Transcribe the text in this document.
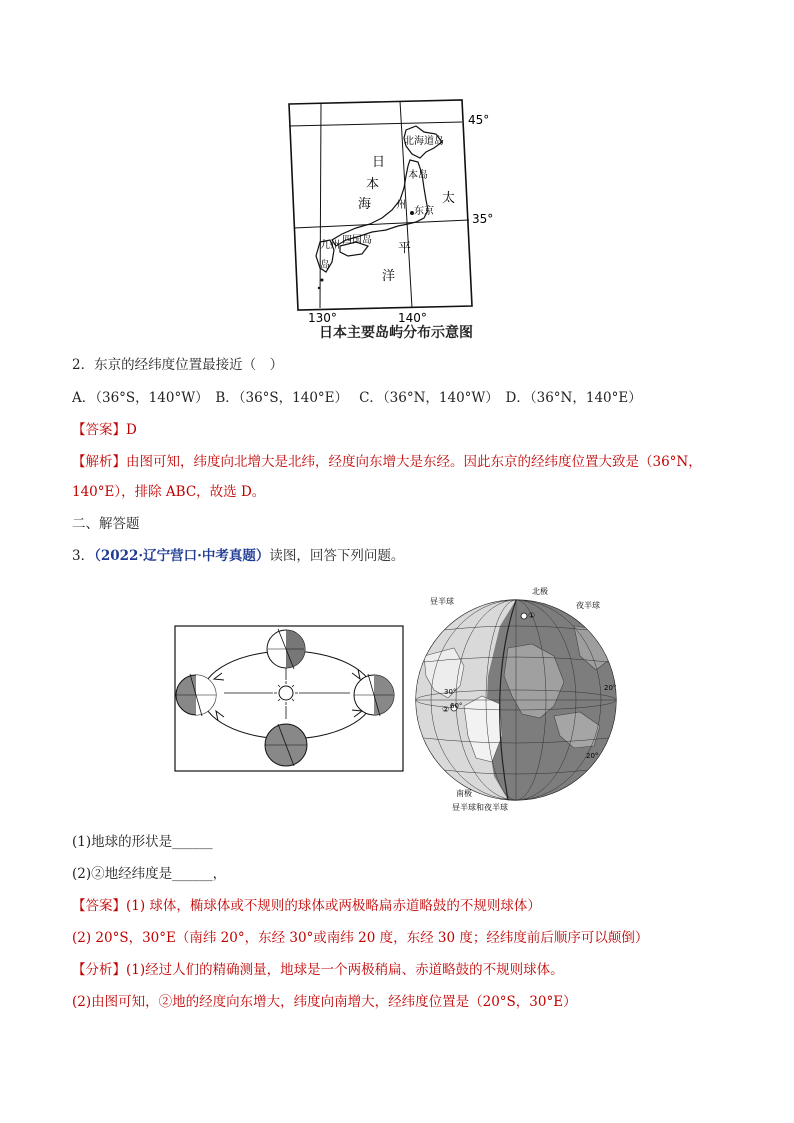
45°
35°
130°	140°
北海道岛
东京
四国岛
本岛
州
九州
岛
日
本
海	太
平
洋
日本主要岛屿分布示意图
2．东京的经纬度位置最接近（　）
A．（36°S，140°W）　B．（36°S，140°E）　 C．（36°N，140°W）　D．（36°N，140°E）
【答案】D
【解析】由图可知，纬度向北增大是北纬，经度向东增大是东经。因此东京的经纬度位置大致是（36°N，
140°E），排除 ABC，故选 D。
二、解答题
3．（2022·辽宁营口·中考真题）读图，回答下列问题。
昼半球
北极
夜半球
①
②
30°
60°
20°
20°
南极
昼半球和夜半球
(1)地球的形状是______
(2)②地经纬度是______，
【答案】(1) 球体，椭球体或不规则的球体或两极略扁赤道略鼓的不规则球体）
(2) 20°S，30°E（南纬 20°，东经 30°或南纬 20 度，东经 30 度；经纬度前后顺序可以颠倒）
【分析】(1)经过人们的精确测量，地球是一个两极稍扁、赤道略鼓的不规则球体。
(2)由图可知，②地的经度向东增大，纬度向南增大，经纬度位置是（20°S，30°E）
